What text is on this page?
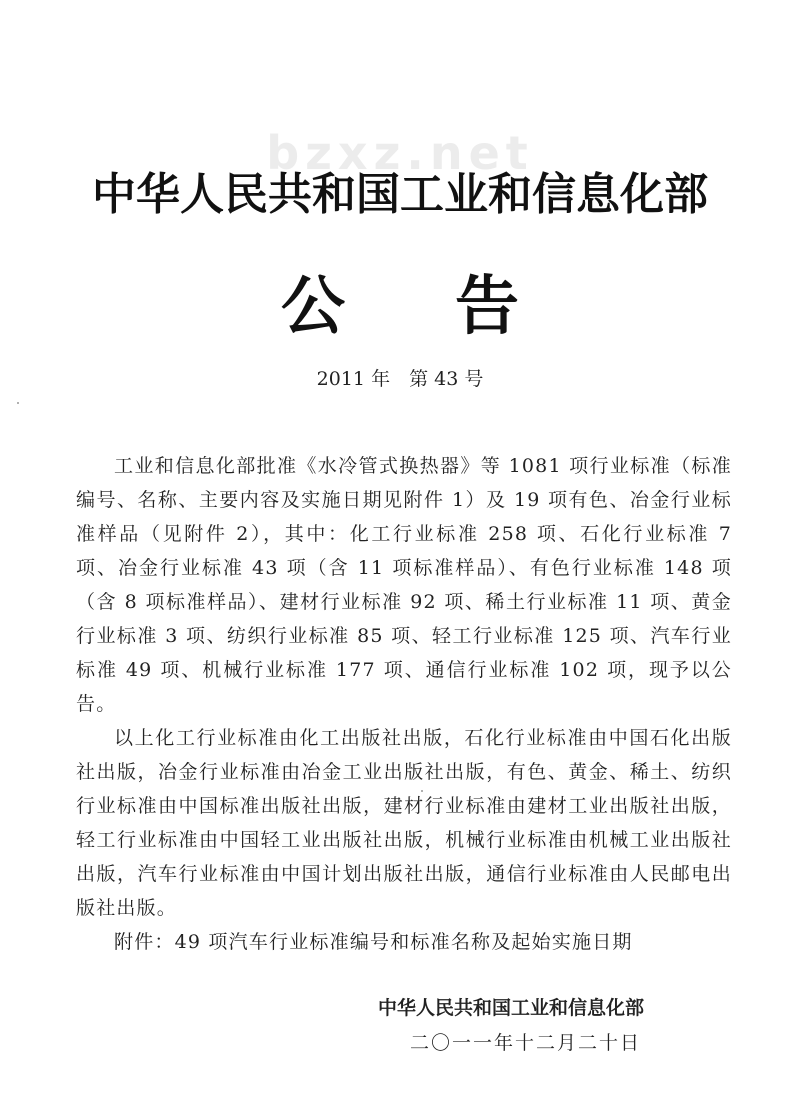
bzxz.net
中华人民共和国工业和信息化部
公 告
2011 年　第 43 号

工业和信息化部批准《水冷管式换热器》等 1081 项行业标准（标准编号、名称、主要内容及实施日期见附件 1）及 19 项有色、冶金行业标准样品（见附件 2），其中：化工行业标准 258 项、石化行业标准 7 项、冶金行业标准 43 项（含 11 项标准样品）、有色行业标准 148 项（含 8 项标准样品）、建材行业标准 92 项、稀土行业标准 11 项、黄金行业标准 3 项、纺织行业标准 85 项、轻工行业标准 125 项、汽车行业标准 49 项、机械行业标准 177 项、通信行业标准 102 项，现予以公告。

以上化工行业标准由化工出版社出版，石化行业标准由中国石化出版社出版，冶金行业标准由冶金工业出版社出版，有色、黄金、稀土、纺织行业标准由中国标准出版社出版，建材行业标准由建材工业出版社出版，轻工行业标准由中国轻工业出版社出版，机械行业标准由机械工业出版社出版，汽车行业标准由中国计划出版社出版，通信行业标准由人民邮电出版社出版。

附件：49 项汽车行业标准编号和标准名称及起始实施日期

中华人民共和国工业和信息化部
二〇一一年十二月二十日
